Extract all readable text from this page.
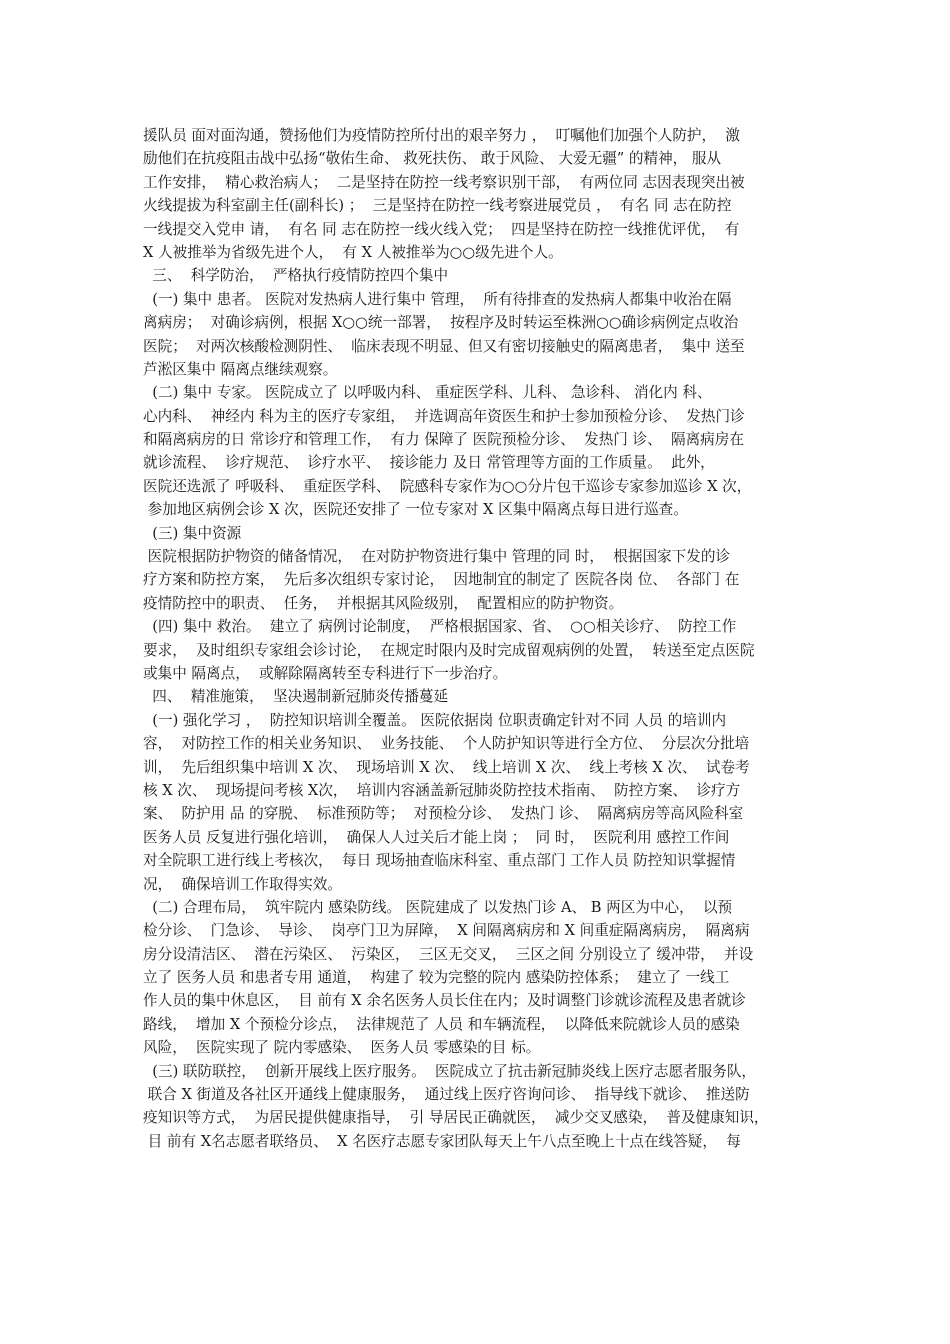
援队员 面对面沟通，赞扬他们为疫情防控所付出的艰辛努力 ，  叮嘱他们加强个人防护，  激
励他们在抗疫阻击战中弘扬“敬佑生命、 救死扶伤、 敢于风险、 大爱无疆” 的精神， 服从
工作安排，  精心救治病人；  二是坚持在防控一线考察识别干部，  有两位同 志因表现突出被
火线提拔为科室副主任(副科长) ；  三是坚持在防控一线考察进展党员 ，  有名 同 志在防控
一线提交入党申 请，  有名 同 志在防控一线火线入党；  四是坚持在防控一线推优评优，  有
X 人被推举为省级先进个人，  有 X 人被推举为○○级先进个人。
三、  科学防治，  严格执行疫情防控四个集中
(一) 集中 患者。 医院对发热病人进行集中 管理，  所有待排查的发热病人都集中收治在隔
离病房；  对确诊病例，根据 X○○统一部署，  按程序及时转运至株洲○○确诊病例定点收治
医院；  对两次核酸检测阴性、  临床表现不明显、但又有密切接触史的隔离患者，  集中 送至
芦淞区集中 隔离点继续观察。
(二) 集中 专家。 医院成立了 以呼吸内科、 重症医学科、儿科、 急诊科、 消化内 科、
心内科、  神经内 科为主的医疗专家组，  并选调高年资医生和护士参加预检分诊、  发热门诊
和隔离病房的日 常诊疗和管理工作，  有力 保障了 医院预检分诊、  发热门 诊、  隔离病房在
就诊流程、  诊疗规范、  诊疗水平、  接诊能力 及日 常管理等方面的工作质量。  此外，
医院还选派了 呼吸科、  重症医学科、  院感科专家作为○○分片包干巡诊专家参加巡诊 X 次，
参加地区病例会诊 X 次，医院还安排了 一位专家对 X 区集中隔离点每日进行巡查。
(三) 集中资源
医院根据防护物资的储备情况，  在对防护物资进行集中 管理的同 时，  根据国家下发的诊
疗方案和防控方案，  先后多次组织专家讨论，  因地制宜的制定了 医院各岗 位、  各部门 在
疫情防控中的职责、  任务，  并根据其风险级别，  配置相应的防护物资。
(四) 集中 救治。  建立了 病例讨论制度，  严格根据国家、省、  ○○相关诊疗、  防控工作
要求，  及时组织专家组会诊讨论，  在规定时限内及时完成留观病例的处置，  转送至定点医院
或集中 隔离点，  或解除隔离转至专科进行下一步治疗。
四、  精准施策，  坚决遏制新冠肺炎传播蔓延
(一) 强化学习 ，  防控知识培训全覆盖。 医院依据岗 位职责确定针对不同 人员 的培训内
容，  对防控工作的相关业务知识、  业务技能、  个人防护知识等进行全方位、  分层次分批培
训，  先后组织集中培训 X 次、  现场培训 X 次、  线上培训 X 次、  线上考核 X 次、  试卷考
核 X 次、  现场提问考核 X次，  培训内容涵盖新冠肺炎防控技术指南、  防控方案、  诊疗方
案、  防护用 品 的穿脱、  标准预防等；  对预检分诊、  发热门 诊、  隔离病房等高风险科室
医务人员 反复进行强化培训，  确保人人过关后才能上岗 ；  同 时，  医院利用 感控工作间
对全院职工进行线上考核次，  每日 现场抽查临床科室、重点部门 工作人员 防控知识掌握情
况，  确保培训工作取得实效。
(二) 合理布局，  筑牢院内 感染防线。 医院建成了 以发热门诊 A、 B 两区为中心，  以预
检分诊、  门急诊、  导诊、  岗亭门卫为屏障，  X 间隔离病房和 X 间重症隔离病房，  隔离病
房分设清洁区、  潜在污染区、  污染区，  三区无交叉，  三区之间 分别设立了 缓冲带，  并设
立了 医务人员 和患者专用 通道，  构建了 较为完整的院内 感染防控体系；  建立了 一线工
作人员的集中休息区，  目 前有 X 余名医务人员长住在内；及时调整门诊就诊流程及患者就诊
路线，  增加 X 个预检分诊点，  法律规范了 人员 和车辆流程，  以降低来院就诊人员的感染
风险，  医院实现了 院内零感染、  医务人员 零感染的目 标。
(三) 联防联控，  创新开展线上医疗服务。  医院成立了抗击新冠肺炎线上医疗志愿者服务队，
联合 X 街道及各社区开通线上健康服务，  通过线上医疗咨询问诊、  指导线下就诊、  推送防
疫知识等方式，  为居民提供健康指导，  引 导居民正确就医，  减少交叉感染，  普及健康知识，
目 前有 X名志愿者联络员、  X 名医疗志愿专家团队每天上午八点至晚上十点在线答疑，  每
